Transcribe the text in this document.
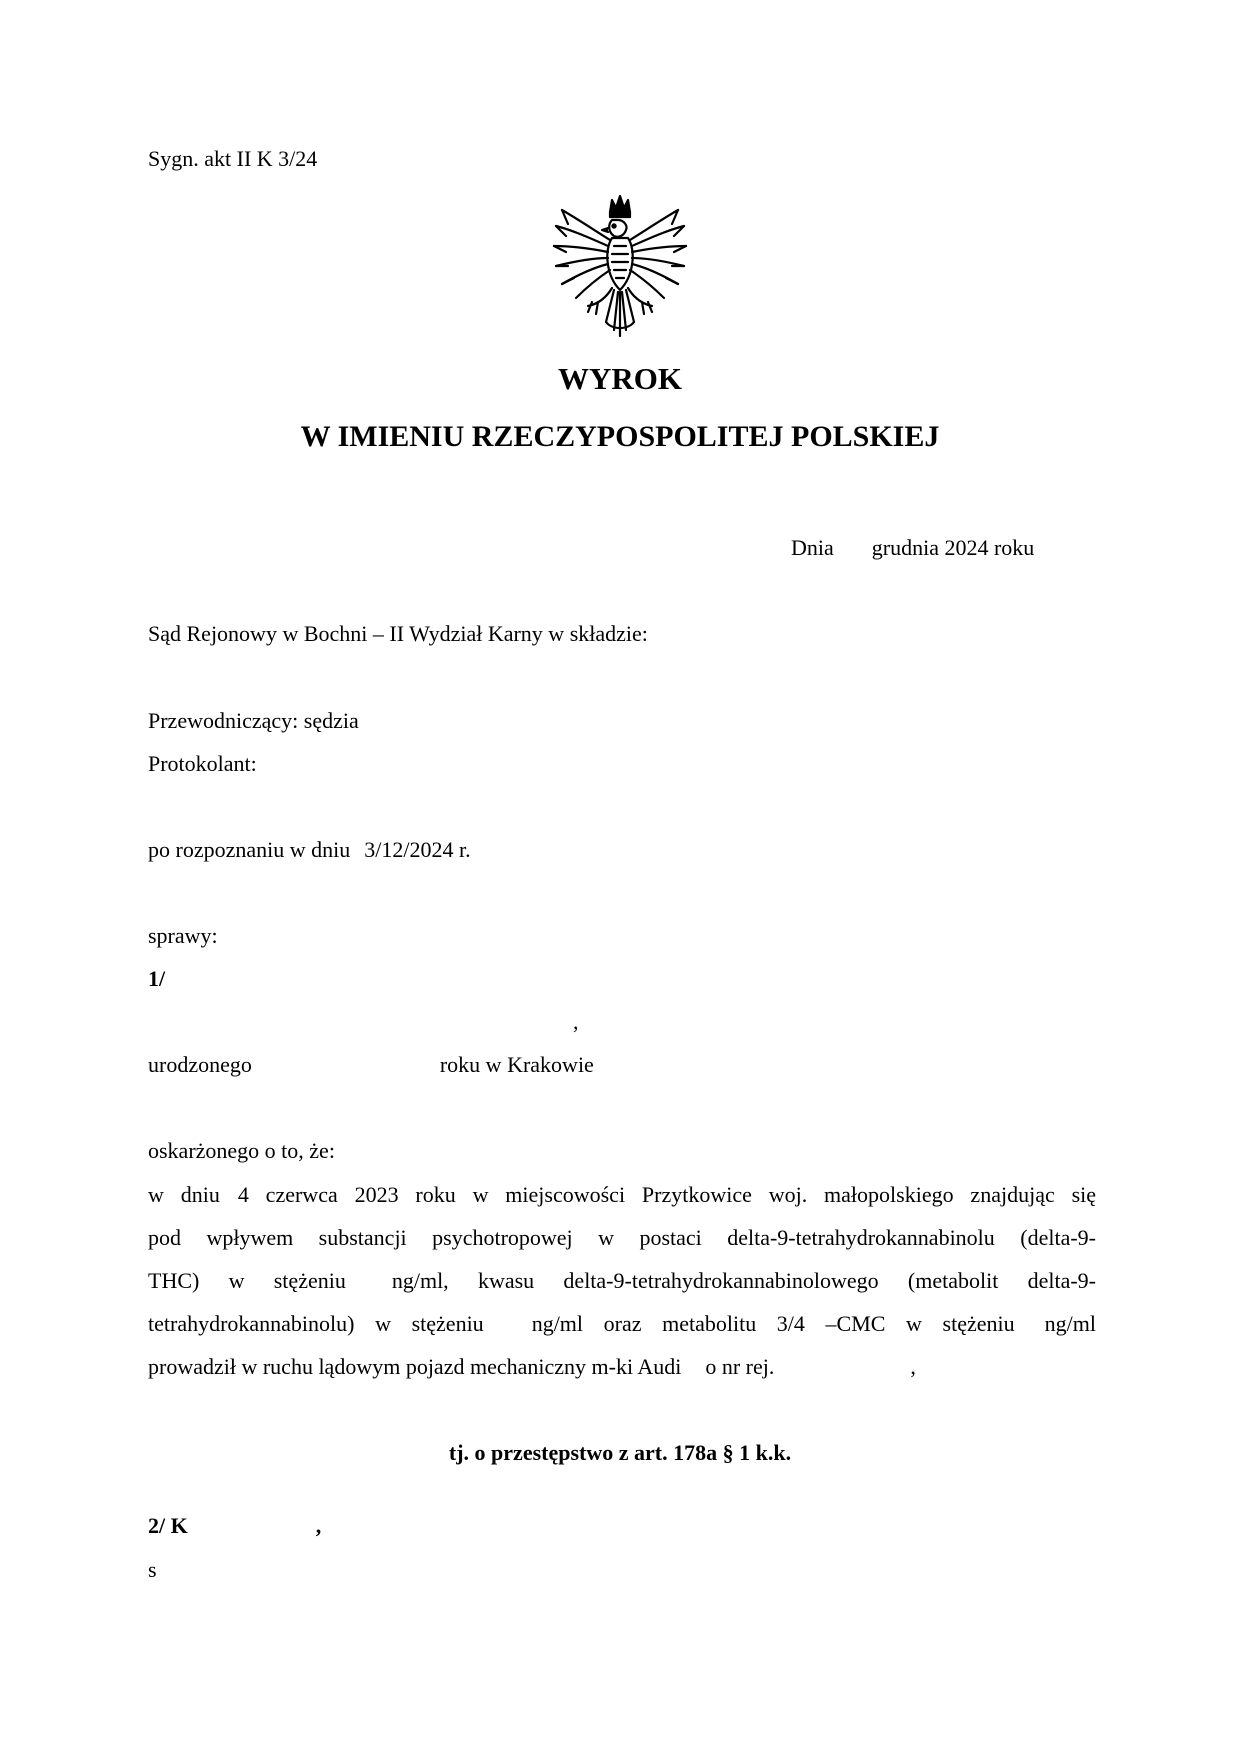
Sygn. akt II K 3/24
WYROK
W IMIENIU RZECZYPOSPOLITEJ POLSKIEJ
Dnia grudnia 2024 roku
Sąd Rejonowy w Bochni – II Wydział Karny w składzie:
Przewodniczący: sędzia
Protokolant:
po rozpoznaniu w dniu 3/12/2024 r.
sprawy:
1/
,
urodzonego	roku w Krakowie
oskarżonego o to, że:
w dniu 4 czerwca 2023 roku w miejscowości Przytkowice woj. małopolskiego znajdując się
pod wpływem substancji psychotropowej w postaci delta-9-tetrahydrokannabinolu (delta-9-
THC) w stężeniu ng/ml, kwasu delta-9-tetrahydrokannabinolowego (metabolit delta-9-
tetrahydrokannabinolu) w stężeniu ng/ml oraz metabolitu 3/4 –CMC w stężeniu ng/ml
prowadził w ruchu lądowym pojazd mechaniczny m-ki Audi o nr rej.	,
tj. o przestępstwo z art. 178a § 1 k.k.
2/ K	,
s
